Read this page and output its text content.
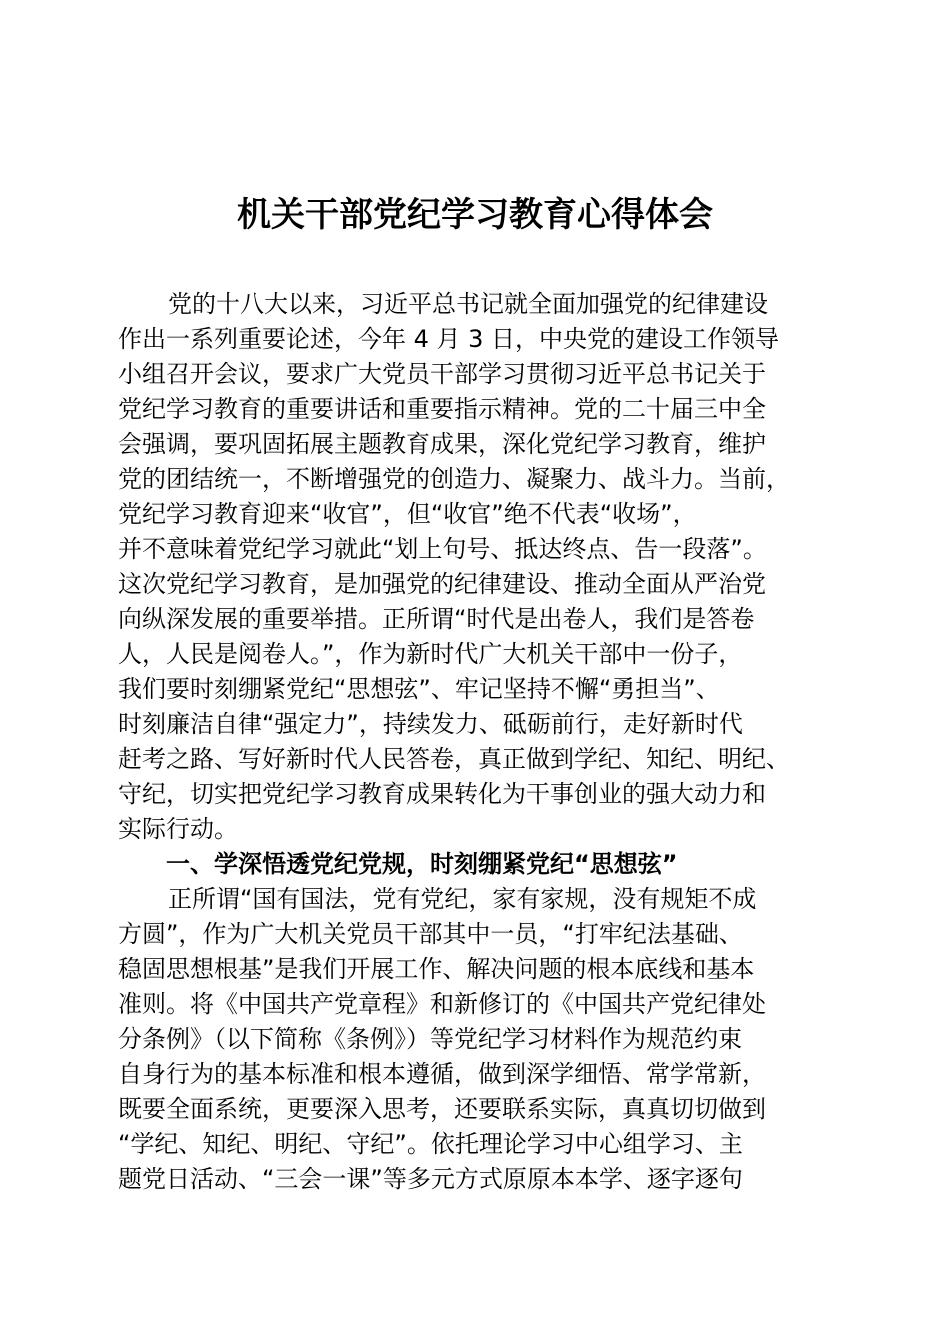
机关干部党纪学习教育心得体会
党的十八大以来，习近平总书记就全面加强党的纪律建设
作出一系列重要论述，今年 4 月 3 日，中央党的建设工作领导
小组召开会议，要求广大党员干部学习贯彻习近平总书记关于
党纪学习教育的重要讲话和重要指示精神。党的二十届三中全
会强调，要巩固拓展主题教育成果，深化党纪学习教育，维护
党的团结统一，不断增强党的创造力、凝聚力、战斗力。当前，
党纪学习教育迎来“收官”，但“收官”绝不代表“收场”，
并不意味着党纪学习就此“划上句号、抵达终点、告一段落”。
这次党纪学习教育，是加强党的纪律建设、推动全面从严治党
向纵深发展的重要举措。正所谓“时代是出卷人，我们是答卷
人，人民是阅卷人。”，作为新时代广大机关干部中一份子，
我们要时刻绷紧党纪“思想弦”、牢记坚持不懈“勇担当”、
时刻廉洁自律“强定力”，持续发力、砥砺前行，走好新时代
赶考之路、写好新时代人民答卷，真正做到学纪、知纪、明纪、
守纪，切实把党纪学习教育成果转化为干事创业的强大动力和
实际行动。
一、学深悟透党纪党规，时刻绷紧党纪“思想弦”
正所谓“国有国法，党有党纪，家有家规，没有规矩不成
方圆”，作为广大机关党员干部其中一员，“打牢纪法基础、
稳固思想根基”是我们开展工作、解决问题的根本底线和基本
准则。将《中国共产党章程》和新修订的《中国共产党纪律处
分条例》（以下简称《条例》）等党纪学习材料作为规范约束
自身行为的基本标准和根本遵循，做到深学细悟、常学常新，
既要全面系统，更要深入思考，还要联系实际，真真切切做到
“学纪、知纪、明纪、守纪”。依托理论学习中心组学习、主
题党日活动、“三会一课”等多元方式原原本本学、逐字逐句
